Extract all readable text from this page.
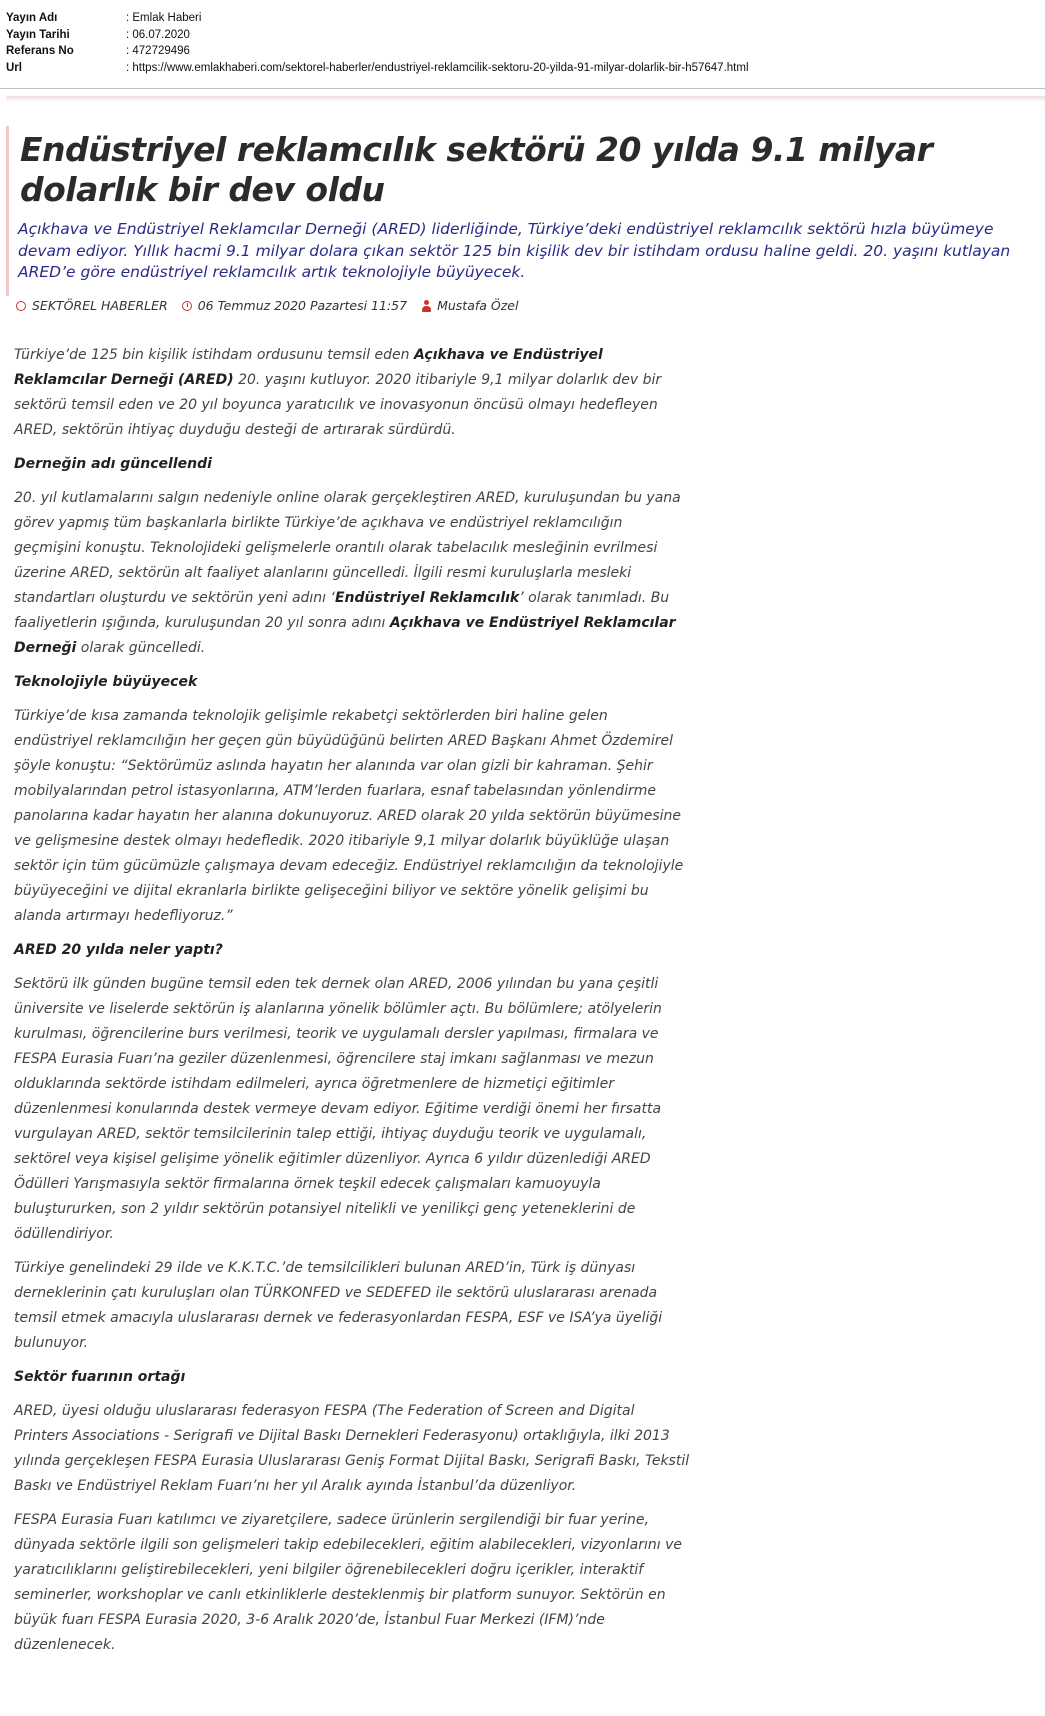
Yayın Adı	: Emlak Haberi
Yayın Tarihi	: 06.07.2020
Referans No	: 472729496
Url	: https://www.emlakhaberi.com/sektorel-haberler/endustriyel-reklamcilik-sektoru-20-yilda-91-milyar-dolarlik-bir-h57647.html
Endüstriyel reklamcılık sektörü 20 yılda 9.1 milyar dolarlık bir dev oldu

Açıkhava ve Endüstriyel Reklamcılar Derneği (ARED) liderliğinde, Türkiye’deki endüstriyel reklamcılık sektörü hızla büyümeye devam ediyor. Yıllık hacmi 9.1 milyar dolara çıkan sektör 125 bin kişilik dev bir istihdam ordusu haline geldi. 20. yaşını kutlayan ARED’e göre endüstriyel reklamcılık artık teknolojiyle büyüyecek.

SEKTÖREL HABERLER 06 Temmuz 2020 Pazartesi 11:57 Mustafa Özel

Türkiye’de 125 bin kişilik istihdam ordusunu temsil eden Açıkhava ve Endüstriyel Reklamcılar Derneği (ARED) 20. yaşını kutluyor. 2020 itibariyle 9,1 milyar dolarlık dev bir sektörü temsil eden ve 20 yıl boyunca yaratıcılık ve inovasyonun öncüsü olmayı hedefleyen ARED, sektörün ihtiyaç duyduğu desteği de artırarak sürdürdü.

Derneğin adı güncellendi

20. yıl kutlamalarını salgın nedeniyle online olarak gerçekleştiren ARED, kuruluşundan bu yana görev yapmış tüm başkanlarla birlikte Türkiye’de açıkhava ve endüstriyel reklamcılığın geçmişini konuştu. Teknolojideki gelişmelerle orantılı olarak tabelacılık mesleğinin evrilmesi üzerine ARED, sektörün alt faaliyet alanlarını güncelledi. İlgili resmi kuruluşlarla mesleki standartları oluşturdu ve sektörün yeni adını ‘Endüstriyel Reklamcılık’ olarak tanımladı. Bu faaliyetlerin ışığında, kuruluşundan 20 yıl sonra adını Açıkhava ve Endüstriyel Reklamcılar Derneği olarak güncelledi.

Teknolojiyle büyüyecek

Türkiye’de kısa zamanda teknolojik gelişimle rekabetçi sektörlerden biri haline gelen endüstriyel reklamcılığın her geçen gün büyüdüğünü belirten ARED Başkanı Ahmet Özdemirel şöyle konuştu: “Sektörümüz aslında hayatın her alanında var olan gizli bir kahraman. Şehir mobilyalarından petrol istasyonlarına, ATM’lerden fuarlara, esnaf tabelasından yönlendirme panolarına kadar hayatın her alanına dokunuyoruz. ARED olarak 20 yılda sektörün büyümesine ve gelişmesine destek olmayı hedefledik. 2020 itibariyle 9,1 milyar dolarlık büyüklüğe ulaşan sektör için tüm gücümüzle çalışmaya devam edeceğiz. Endüstriyel reklamcılığın da teknolojiyle büyüyeceğini ve dijital ekranlarla birlikte gelişeceğini biliyor ve sektöre yönelik gelişimi bu alanda artırmayı hedefliyoruz.”

ARED 20 yılda neler yaptı?

Sektörü ilk günden bugüne temsil eden tek dernek olan ARED, 2006 yılından bu yana çeşitli üniversite ve liselerde sektörün iş alanlarına yönelik bölümler açtı. Bu bölümlere; atölyelerin kurulması, öğrencilerine burs verilmesi, teorik ve uygulamalı dersler yapılması, firmalara ve FESPA Eurasia Fuarı’na geziler düzenlenmesi, öğrencilere staj imkanı sağlanması ve mezun olduklarında sektörde istihdam edilmeleri, ayrıca öğretmenlere de hizmetiçi eğitimler düzenlenmesi konularında destek vermeye devam ediyor. Eğitime verdiği önemi her fırsatta vurgulayan ARED, sektör temsilcilerinin talep ettiği, ihtiyaç duyduğu teorik ve uygulamalı, sektörel veya kişisel gelişime yönelik eğitimler düzenliyor. Ayrıca 6 yıldır düzenlediği ARED Ödülleri Yarışmasıyla sektör firmalarına örnek teşkil edecek çalışmaları kamuoyuyla buluştururken, son 2 yıldır sektörün potansiyel nitelikli ve yenilikçi genç yeteneklerini de ödüllendiriyor.

Türkiye genelindeki 29 ilde ve K.K.T.C.’de temsilcilikleri bulunan ARED’in, Türk iş dünyası derneklerinin çatı kuruluşları olan TÜRKONFED ve SEDEFED ile sektörü uluslararası arenada temsil etmek amacıyla uluslararası dernek ve federasyonlardan FESPA, ESF ve ISA’ya üyeliği bulunuyor.

Sektör fuarının ortağı

ARED, üyesi olduğu uluslararası federasyon FESPA (The Federation of Screen and Digital Printers Associations - Serigrafi ve Dijital Baskı Dernekleri Federasyonu) ortaklığıyla, ilki 2013 yılında gerçekleşen FESPA Eurasia Uluslararası Geniş Format Dijital Baskı, Serigrafi Baskı, Tekstil Baskı ve Endüstriyel Reklam Fuarı’nı her yıl Aralık ayında İstanbul’da düzenliyor.

FESPA Eurasia Fuarı katılımcı ve ziyaretçilere, sadece ürünlerin sergilendiği bir fuar yerine, dünyada sektörle ilgili son gelişmeleri takip edebilecekleri, eğitim alabilecekleri, vizyonlarını ve yaratıcılıklarını geliştirebilecekleri, yeni bilgiler öğrenebilecekleri doğru içerikler, interaktif seminerler, workshoplar ve canlı etkinliklerle desteklenmiş bir platform sunuyor. Sektörün en büyük fuarı FESPA Eurasia 2020, 3-6 Aralık 2020’de, İstanbul Fuar Merkezi (IFM)’nde düzenlenecek.
